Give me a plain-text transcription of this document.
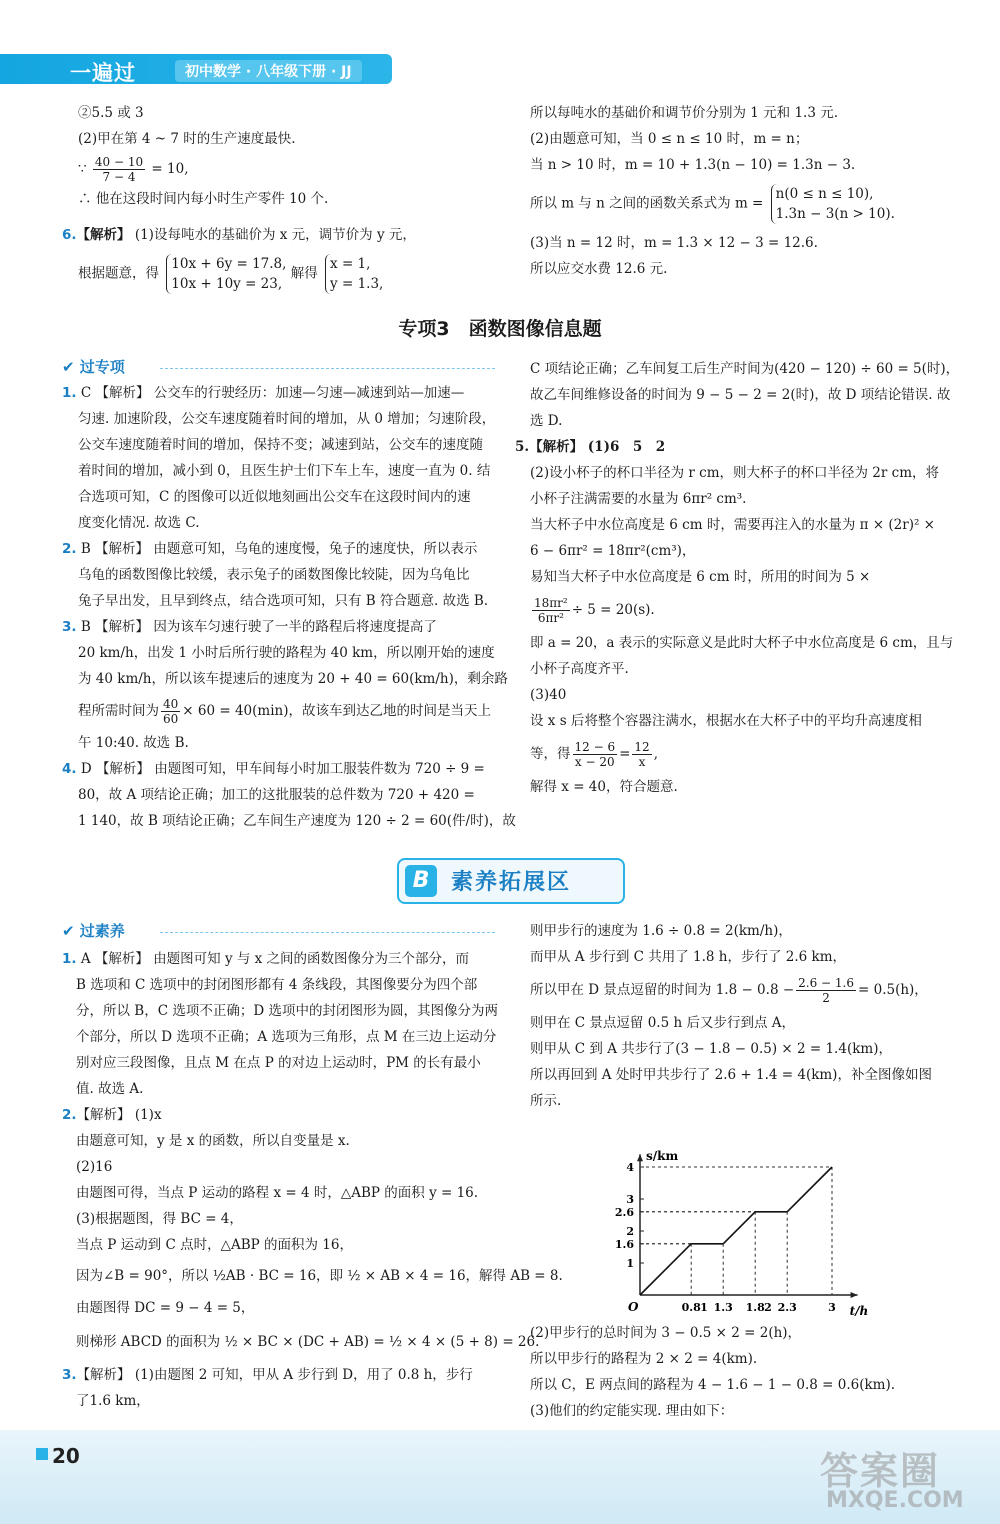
一遍过	初中数学 · 八年级下册 · JJ

②5.5 或 3

(2)甲在第 4 ~ 7 时的生产速度最快.

∵ $\frac{40 - 10}{7 - 4} = 10$,

∴ 他在这段时间内每小时生产零件 10 个.

6.【解析】 (1)设每吨水的基础价为 x 元，调节价为 y 元，

根据题意，得 10x + 6y = 17.8,
10x + 10y = 23, 解得 x = 1,
y = 1.3,

所以每吨水的基础价和调节价分别为 1 元和 1.3 元.

(2)由题意可知，当 0 ≤ n ≤ 10 时，m = n；

当 n > 10 时，m = 10 + 1.3(n − 10) = 1.3n − 3.

所以 m 与 n 之间的函数关系式为 m = n(0 ≤ n ≤ 10),
1.3n − 3(n > 10).

(3)当 n = 12 时，m = 1.3 × 12 − 3 = 12.6.

所以应交水费 12.6 元.

专项3　函数图像信息题
✔ 过专项

1. C 【解析】 公交车的行驶经历：加速—匀速—减速到站—加速—

匀速. 加速阶段，公交车速度随着时间的增加，从 0 增加；匀速阶段，

公交车速度随着时间的增加，保持不变；减速到站，公交车的速度随

着时间的增加，减小到 0，且医生护士们下车上车，速度一直为 0. 结

合选项可知，C 的图像可以近似地刻画出公交车在这段时间内的速

度变化情况. 故选 C.

2. B 【解析】 由题意可知，乌龟的速度慢，兔子的速度快，所以表示

乌龟的函数图像比较缓，表示兔子的函数图像比较陡，因为乌龟比

兔子早出发，且早到终点，结合选项可知，只有 B 符合题意. 故选 B.

3. B 【解析】 因为该车匀速行驶了一半的路程后将速度提高了

20 km/h，出发 1 小时后所行驶的路程为 40 km，所以刚开始的速度

为 40 km/h，所以该车提速后的速度为 20 + 40 = 60(km/h)，剩余路

程所需时间为 $\frac{40}{60} \times 60 = 40(\min)$，故该车到达乙地的时间是当天上

午 10:40. 故选 B.

4. D 【解析】 由题图可知，甲车间每小时加工服装件数为 720 ÷ 9 =

80，故 A 项结论正确；加工的这批服装的总件数为 720 + 420 =

1 140，故 B 项结论正确；乙车间生产速度为 120 ÷ 2 = 60(件/时)，故

C 项结论正确；乙车间复工后生产时间为(420 − 120) ÷ 60 = 5(时)，

故乙车间维修设备的时间为 9 − 5 − 2 = 2(时)，故 D 项结论错误. 故

选 D.

5.【解析】 (1)6　5　2

(2)设小杯子的杯口半径为 r cm，则大杯子的杯口半径为 2r cm，将

小杯子注满需要的水量为 6πr² cm³.

当大杯子中水位高度是 6 cm 时，需要再注入的水量为 π × (2r)² ×

6 − 6πr² = 18πr²(cm³)，

易知当大杯子中水位高度是 6 cm 时，所用的时间为 5 ×

$\frac{\text{18πr²}}{\text{6πr²}} \div 5 = 20(s)$.

即 a = 20，a 表示的实际意义是此时大杯子中水位高度是 6 cm，且与

小杯子高度齐平.

(3)40

设 x s 后将整个容器注满水，根据水在大杯子中的平均升高速度相

等，得 $\frac{12 - 6}{x - 20} = \frac{12}{x}$ ,

解得 x = 40，符合题意.

B 素养拓展区
✔ 过素养

1. A 【解析】 由题图可知 y 与 x 之间的函数图像分为三个部分，而

B 选项和 C 选项中的封闭图形都有 4 条线段，其图像要分为四个部

分，所以 B，C 选项不正确；D 选项中的封闭图形为圆，其图像分为两

个部分，所以 D 选项不正确；A 选项为三角形，点 M 在三边上运动分

别对应三段图像，且点 M 在点 P 的对边上运动时，PM 的长有最小

值. 故选 A.

2.【解析】 (1)x

由题意可知，y 是 x 的函数，所以自变量是 x.

(2)16

由题图可得，当点 P 运动的路程 x = 4 时，△ABP 的面积 y = 16.

(3)根据题图，得 BC = 4，

当点 P 运动到 C 点时，△ABP 的面积为 16，

因为∠B = 90°，所以 ½AB · BC = 16，即 ½ × AB × 4 = 16，解得 AB = 8.

由题图得 DC = 9 − 4 = 5，

则梯形 ABCD 的面积为 ½ × BC × (DC + AB) = ½ × 4 × (5 + 8) = 26.

3.【解析】 (1)由题图 2 可知，甲从 A 步行到 D，用了 0.8 h，步行

了1.6 km，

则甲步行的速度为 1.6 ÷ 0.8 = 2(km/h)，

而甲从 A 步行到 C 共用了 1.8 h，步行了 2.6 km，

所以甲在 D 景点逗留的时间为 $1.8 - 0.8 - \frac{2.6 - 1.6}{2} = 0.5(h)$，

则甲在 C 景点逗留 0.5 h 后又步行到点 A，

则甲从 C 到 A 共步行了(3 − 1.8 − 0.5) × 2 = 1.4(km)，

所以再回到 A 处时甲共步行了 2.6 + 1.4 = 4(km)，补全图像如图

所示.

s/km
t/h
O
1
1.6
2
2.6
3
4
0.8 1 1.3 1.8 2 2.3	3

(2)甲步行的总时间为 3 − 0.5 × 2 = 2(h)，

所以甲步行的路程为 2 × 2 = 4(km).

所以 C，E 两点间的路程为 4 − 1.6 − 1 − 0.8 = 0.6(km).

(3)他们的约定能实现. 理由如下：

20	答案圈
MXQE.COM
